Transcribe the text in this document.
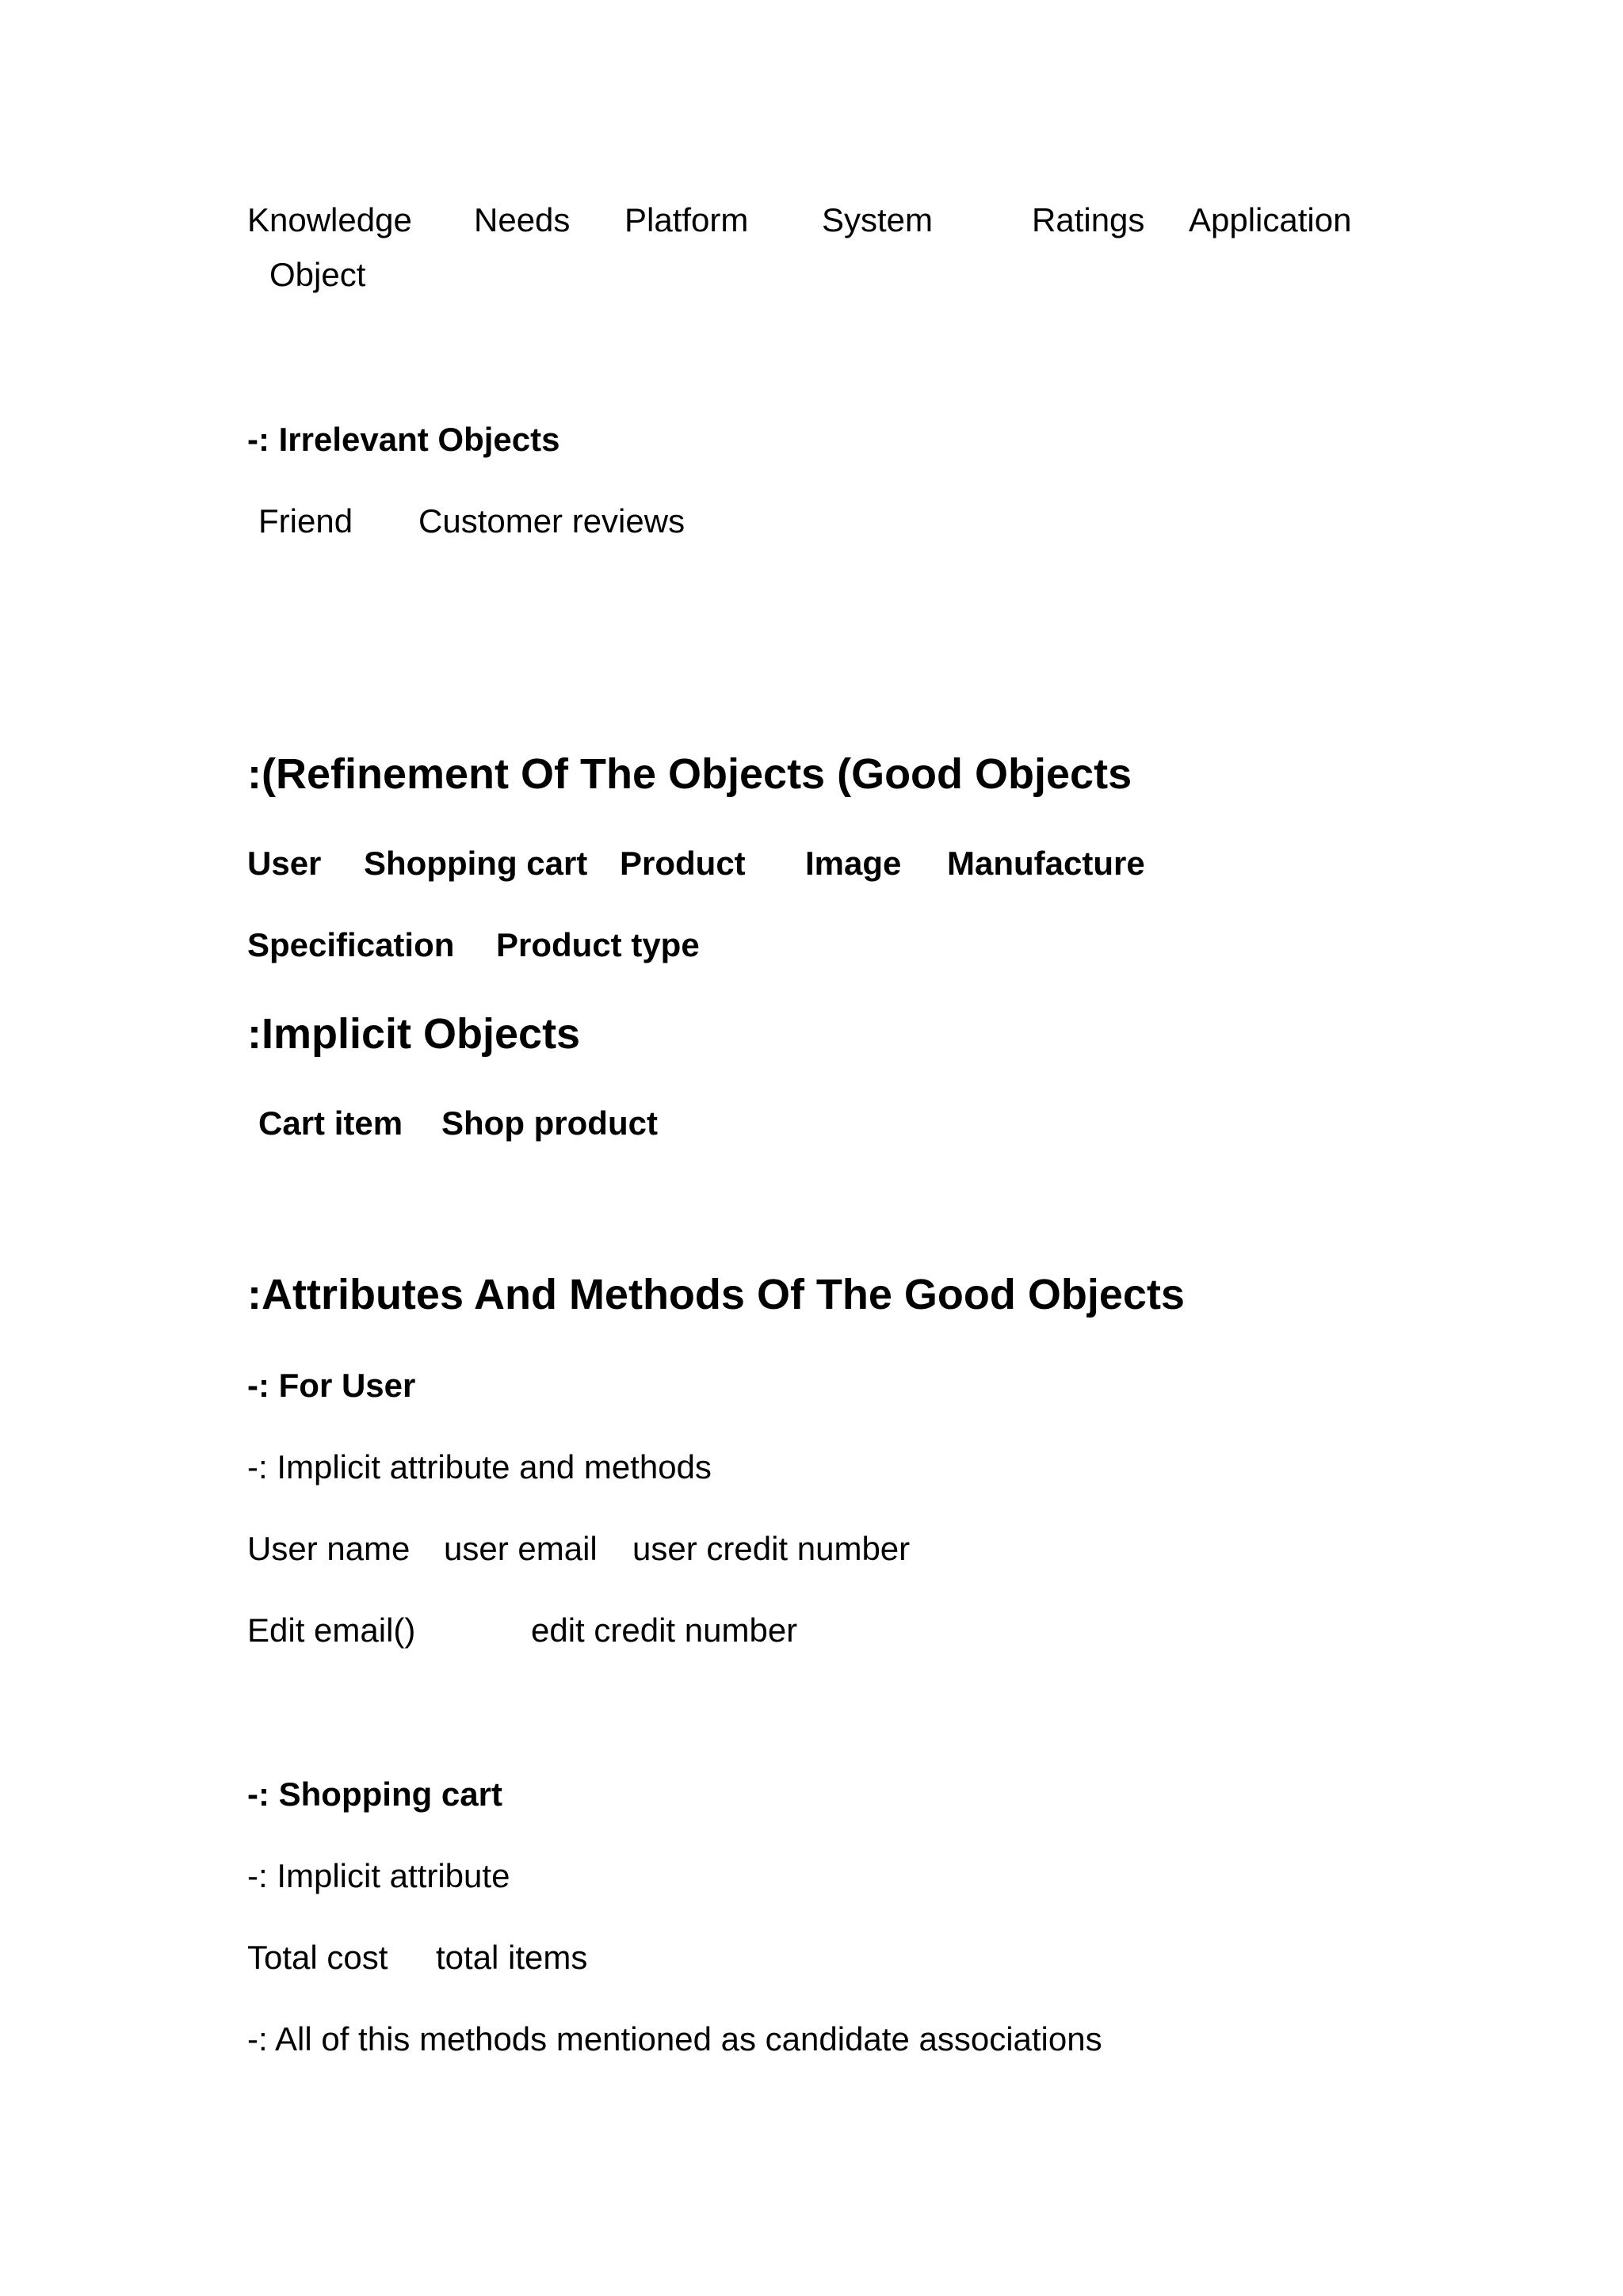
Knowledge Needs Platform System	Ratings Application
Object
-: Irrelevant Objects
Friend Customer reviews
:(Refinement Of The Objects (Good Objects
User Shopping cart Product Image Manufacture
Specification Product type
:Implicit Objects
Cart item Shop product
:Attributes And Methods Of The Good Objects
-: For User
-: Implicit attribute and methods
User name user email user credit number
Edit email()	edit credit number
-: Shopping cart
-: Implicit attribute
Total cost total items
-: All of this methods mentioned as candidate associations
